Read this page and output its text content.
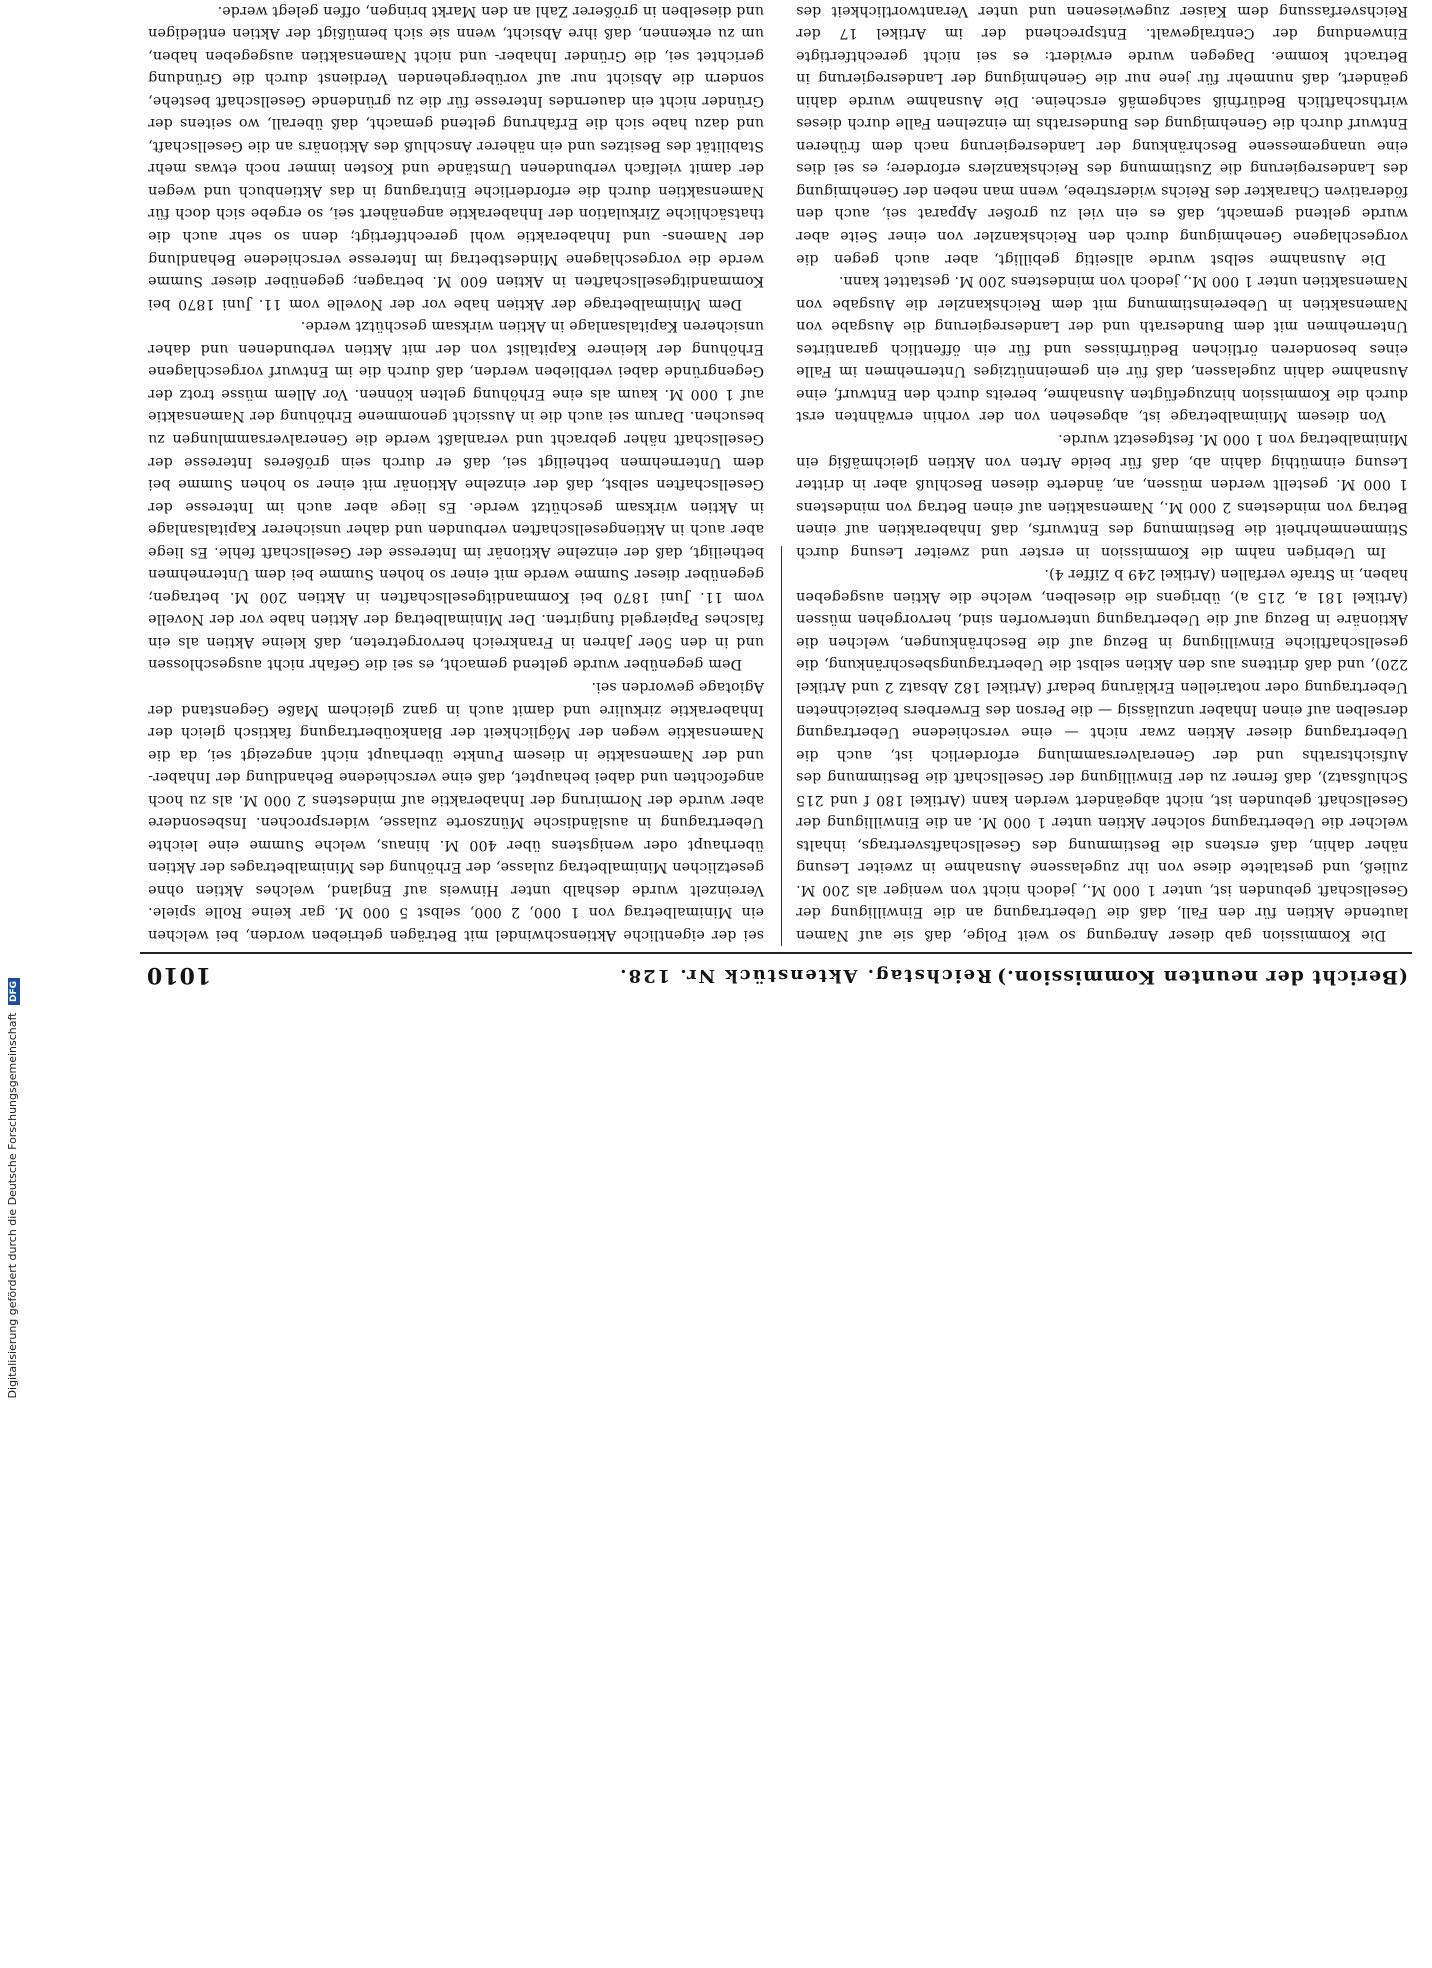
Digitalisierung gefördert durch die Deutsche Forschungsgemeinschaft DFG
(Bericht der neunten Kommission.)
Reichstag. Aktenstück Nr. 128.
1010

Die Kommission gab dieser Anregung so weit Folge, daß sie auf Namen lautende Aktien für den Fall, daß die Uebertragung an die Einwilligung der Gesellschaft gebunden ist, unter 1 000 M., jedoch nicht von weniger als 200 M. zuließ, und gestaltete diese von ihr zugelassene Ausnahme in zweiter Lesung näher dahin, daß erstens die Bestimmung des Gesellschaftsvertrags, inhalts welcher die Uebertragung solcher Aktien unter 1 000 M. an die Einwilligung der Gesellschaft gebunden ist, nicht abgeändert werden kann (Artikel 180 f und 215 Schlußsatz), daß ferner zu der Einwilligung der Gesellschaft die Bestimmung des Aufsichtsraths und der Generalversammlung erforderlich ist, auch die Uebertragung dieser Aktien zwar nicht — eine verschiedene Uebertragung derselben auf einen Inhaber unzulässig — die Person des Erwerbers beizeichneten Uebertragung oder notariellen Erklärung bedarf (Artikel 182 Absatz 2 und Artikel 220), und daß drittens aus den Aktien selbst die Uebertragungsbeschränkung, die gesellschaftliche Einwilligung in Bezug auf die Beschränkungen, welchen die Aktionäre in Bezug auf die Uebertragung unterworfen sind, hervorgehen müssen (Artikel 181 a, 215 a), übrigens die dieselben, welche die Aktien ausgegeben haben, in Strafe verfallen (Artikel 249 b Ziffer 4).

Im Uebrigen nahm die Kommission in erster und zweiter Lesung durch Stimmenmehrheit die Bestimmung des Entwurfs, daß Inhaberaktien auf einen Betrag von mindestens 2 000 M., Namensaktien auf einen Betrag von mindestens 1 000 M. gestellt werden müssen, an, änderte diesen Beschluß aber in dritter Lesung einmüthig dahin ab, daß für beide Arten von Aktien gleichmäßig ein Minimalbetrag von 1 000 M. festgesetzt wurde.

Von diesem Minimalbetrage ist, abgesehen von der vorhin erwähnten erst durch die Kommission hinzugefügten Ausnahme, bereits durch den Entwurf, eine Ausnahme dahin zugelassen, daß für ein gemeinnütziges Unternehmen im Falle eines besonderen örtlichen Bedürfnisses und für ein öffentlich garantirtes Unternehmen mit dem Bundesrath und der Landesregierung die Ausgabe von Namensaktien in Uebereinstimmung mit dem Reichskanzler die Ausgabe von Namensaktien unter 1 000 M., jedoch von mindestens 200 M. gestattet kann.

Die Ausnahme selbst wurde allseitig gebilligt, aber auch gegen die vorgeschlagene Genehmigung durch den Reichskanzler von einer Seite aber wurde geltend gemacht, daß es ein viel zu großer Apparat sei, auch den föderativen Charakter des Reichs widerstrebe, wenn man neben der Genehmigung des Landesregierung die Zustimmung des Reichskanzlers erfordere; es sei dies eine unangemessene Beschränkung der Landesregierung nach dem früheren Entwurf durch die Genehmigung des Bundesraths im einzelnen Falle durch dieses wirthschaftlich Bedürfniß sachgemäß erscheine. Die Ausnahme wurde dahin geändert, daß nunmehr für jene nur die Genehmigung der Landesregierung in Betracht komme. Dagegen wurde erwidert: es sei nicht gerechtfertigte Einwendung der Centralgewalt. Entsprechend der im Artikel 17 der Reichsverfassung dem Kaiser zugewiesenen und unter Verantwortlichkeit des

sei der eigentliche Aktienschwindel mit Beträgen getrieben worden, bei welchen ein Minimalbetrag von 1 000, 2 000, selbst 5 000 M. gar keine Rolle spiele. Vereinzelt wurde deshalb unter Hinweis auf England, welches Aktien ohne gesetzlichen Minimalbetrag zulasse, der Erhöhung des Minimalbetrages der Aktien überhaupt oder wenigstens über 400 M. hinaus, welche Summe eine leichte Uebertragung in ausländische Münzsorte zulasse, widersprochen. Insbesondere aber wurde der Normirung der Inhaberaktie auf mindestens 2 000 M. als zu hoch angefochten und dabei behauptet, daß eine verschiedene Behandlung der Inhaber- und der Namensaktie in diesem Punkte überhaupt nicht angezeigt sei, da die Namensaktie wegen der Möglichkeit der Blankoübertragung faktisch gleich der Inhaberaktie zirkulire und damit auch in ganz gleichem Maße Gegenstand der Agiotage geworden sei.

Dem gegenüber wurde geltend gemacht, es sei die Gefahr nicht ausgeschlossen und in den 50er Jahren in Frankreich hervorgetreten, daß kleine Aktien als ein falsches Papiergeld fungirten. Der Minimalbetrag der Aktien habe vor der Novelle vom 11. Juni 1870 bei Kommanditgesellschaften in Aktien 200 M. betragen; gegenüber dieser Summe werde mit einer so hohen Summe bei dem Unternehmen betheiligt, daß der einzelne Aktionär im Interesse der Gesellschaft fehle. Es liege aber auch in Aktiengesellschaften verbunden und daher unsicherer Kapitalsanlage in Aktien wirksam geschützt werde. Es liege aber auch im Interesse der Gesellschaften selbst, daß der einzelne Aktionär mit einer so hohen Summe bei dem Unternehmen betheiligt sei, daß er durch sein größeres Interesse der Gesellschaft näher gebracht und veranlaßt werde die Generalversammlungen zu besuchen. Darum sei auch die in Aussicht genommene Erhöhung der Namensaktie auf 1 000 M. kaum als eine Erhöhung gelten können. Vor Allem müsse trotz der Gegengründe dabei verblieben werden, daß durch die im Entwurf vorgeschlagene Erhöhung der kleinere Kapitalist von der mit Aktien verbundenen und daher unsicheren Kapitalsanlage in Aktien wirksam geschützt werde.

Dem Minimalbetrage der Aktien habe vor der Novelle vom 11. Juni 1870 bei Kommanditgesellschaften in Aktien 600 M. betragen; gegenüber dieser Summe werde die vorgeschlagene Mindestbetrag im Interesse verschiedene Behandlung der Namens- und Inhaberaktie wohl gerechtfertigt; denn so sehr auch die thatsächliche Zirkulation der Inhaberaktie angenähert sei, so ergebe sich doch für Namensaktien durch die erforderliche Eintragung in das Aktienbuch und wegen der damit vielfach verbundenen Umstände und Kosten immer noch etwas mehr Stabilität des Besitzes und ein näherer Anschluß des Aktionärs an die Gesellschaft, und dazu habe sich die Erfahrung geltend gemacht, daß überall, wo seitens der Gründer nicht ein dauerndes Interesse für die zu gründende Gesellschaft bestehe, sondern die Absicht nur auf vorübergehenden Verdienst durch die Gründung gerichtet sei, die Gründer Inhaber- und nicht Namensaktien ausgegeben haben, um zu erkennen, daß ihre Absicht, wenn sie sich bemüßigt der Aktien entledigen und dieselben in größerer Zahl an den Markt bringen, offen gelegt werde.
